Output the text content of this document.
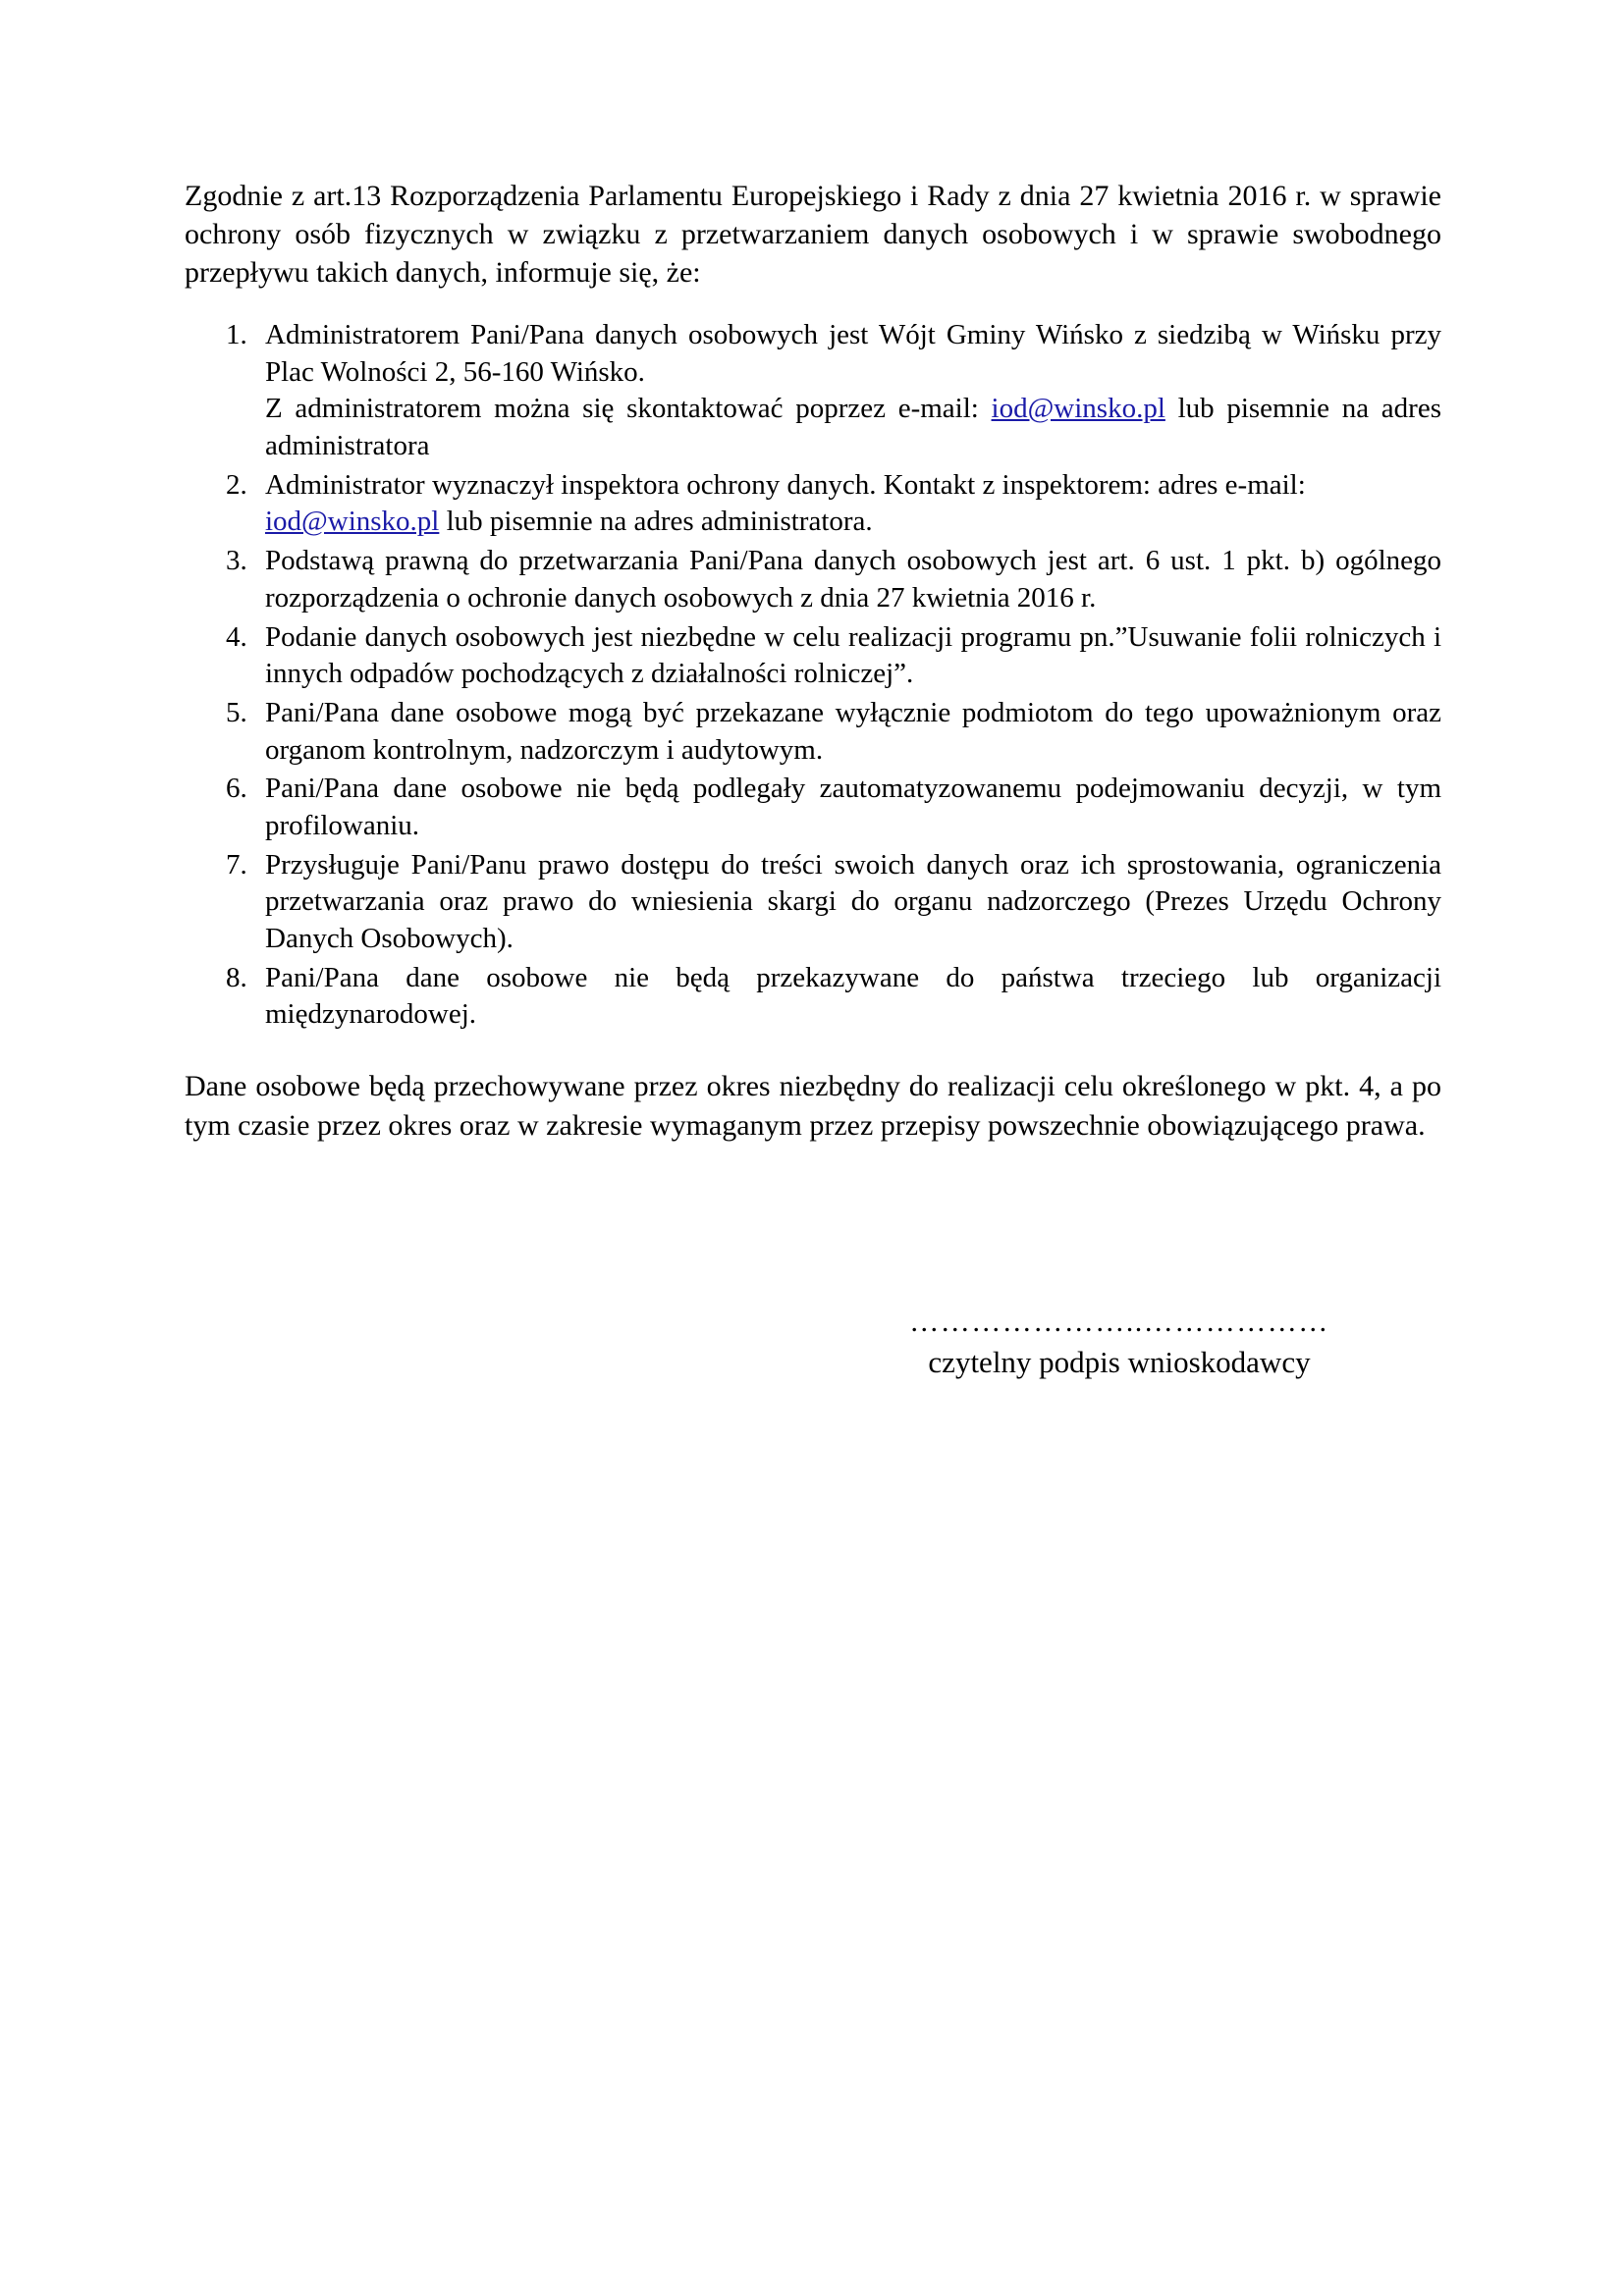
Zgodnie z art.13 Rozporządzenia Parlamentu Europejskiego i Rady z dnia 27 kwietnia 2016 r. w sprawie ochrony osób fizycznych w związku z przetwarzaniem danych osobowych i w sprawie swobodnego przepływu takich danych, informuje się, że:

Administratorem Pani/Pana danych osobowych jest Wójt Gminy Wińsko z siedzibą w Wińsku przy Plac Wolności 2, 56-160 Wińsko.
Z administratorem można się skontaktować poprzez e-mail: iod@winsko.pl lub pisemnie na adres administratora
Administrator wyznaczył inspektora ochrony danych. Kontakt z inspektorem: adres e-mail:
iod@winsko.pl lub pisemnie na adres administratora.
Podstawą prawną do przetwarzania Pani/Pana danych osobowych jest art. 6 ust. 1 pkt. b) ogólnego rozporządzenia o ochronie danych osobowych z dnia 27 kwietnia 2016 r.
Podanie danych osobowych jest niezbędne w celu realizacji programu pn.”Usuwanie folii rolniczych i innych odpadów pochodzących z działalności rolniczej”.
Pani/Pana dane osobowe mogą być przekazane wyłącznie podmiotom do tego upoważnionym oraz organom kontrolnym, nadzorczym i audytowym.
Pani/Pana dane osobowe nie będą podlegały zautomatyzowanemu podejmowaniu decyzji, w tym profilowaniu.
Przysługuje Pani/Panu prawo dostępu do treści swoich danych oraz ich sprostowania, ograniczenia przetwarzania oraz prawo do wniesienia skargi do organu nadzorczego (Prezes Urzędu Ochrony Danych Osobowych).
Pani/Pana dane osobowe nie będą przekazywane do państwa trzeciego lub organizacji międzynarodowej.

Dane osobowe będą przechowywane przez okres niezbędny do realizacji celu określonego w pkt. 4, a po tym czasie przez okres oraz w zakresie wymaganym przez przepisy powszechnie obowiązującego prawa.

…………………..………………
czytelny podpis wnioskodawcy
